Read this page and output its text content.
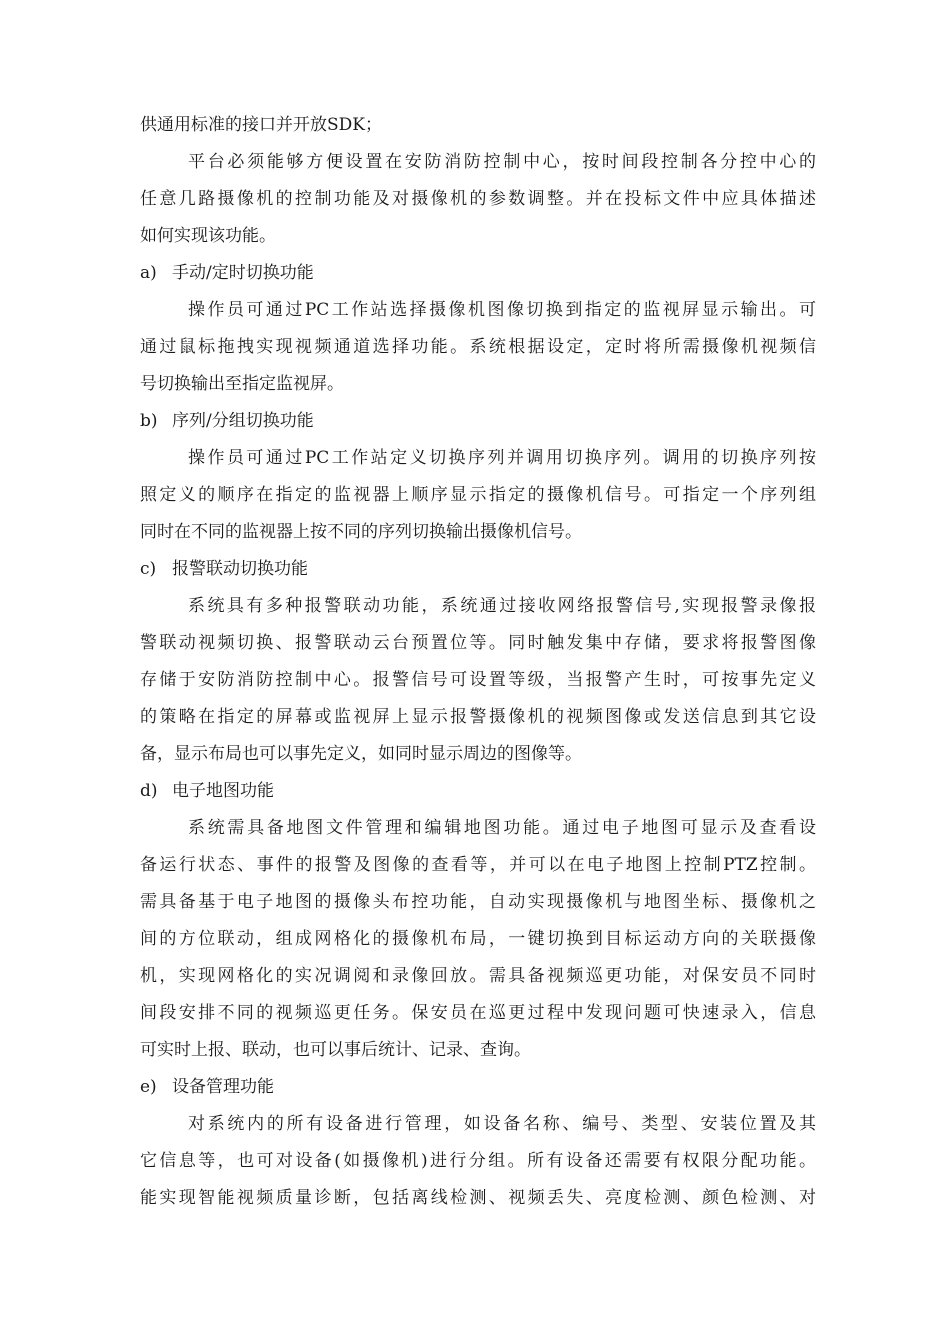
供通用标准的接口并开放SDK；
平台必须能够方便设置在安防消防控制中心，按时间段控制各分控中心的
任意几路摄像机的控制功能及对摄像机的参数调整。并在投标文件中应具体描述
如何实现该功能。
a) 手动/定时切换功能
操作员可通过PC工作站选择摄像机图像切换到指定的监视屏显示输出。可
通过鼠标拖拽实现视频通道选择功能。系统根据设定，定时将所需摄像机视频信
号切换输出至指定监视屏。
b) 序列/分组切换功能
操作员可通过PC工作站定义切换序列并调用切换序列。调用的切换序列按
照定义的顺序在指定的监视器上顺序显示指定的摄像机信号。可指定一个序列组
同时在不同的监视器上按不同的序列切换输出摄像机信号。
c) 报警联动切换功能
系统具有多种报警联动功能，系统通过接收网络报警信号,实现报警录像报
警联动视频切换、报警联动云台预置位等。同时触发集中存储，要求将报警图像
存储于安防消防控制中心。报警信号可设置等级，当报警产生时，可按事先定义
的策略在指定的屏幕或监视屏上显示报警摄像机的视频图像或发送信息到其它设
备，显示布局也可以事先定义，如同时显示周边的图像等。
d) 电子地图功能
系统需具备地图文件管理和编辑地图功能。通过电子地图可显示及查看设
备运行状态、事件的报警及图像的查看等，并可以在电子地图上控制PTZ控制。
需具备基于电子地图的摄像头布控功能，自动实现摄像机与地图坐标、摄像机之
间的方位联动，组成网格化的摄像机布局，一键切换到目标运动方向的关联摄像
机，实现网格化的实况调阅和录像回放。需具备视频巡更功能，对保安员不同时
间段安排不同的视频巡更任务。保安员在巡更过程中发现问题可快速录入，信息
可实时上报、联动，也可以事后统计、记录、查询。
e) 设备管理功能
对系统内的所有设备进行管理，如设备名称、编号、类型、安装位置及其
它信息等，也可对设备(如摄像机)进行分组。所有设备还需要有权限分配功能。
能实现智能视频质量诊断，包括离线检测、视频丢失、亮度检测、颜色检测、对
